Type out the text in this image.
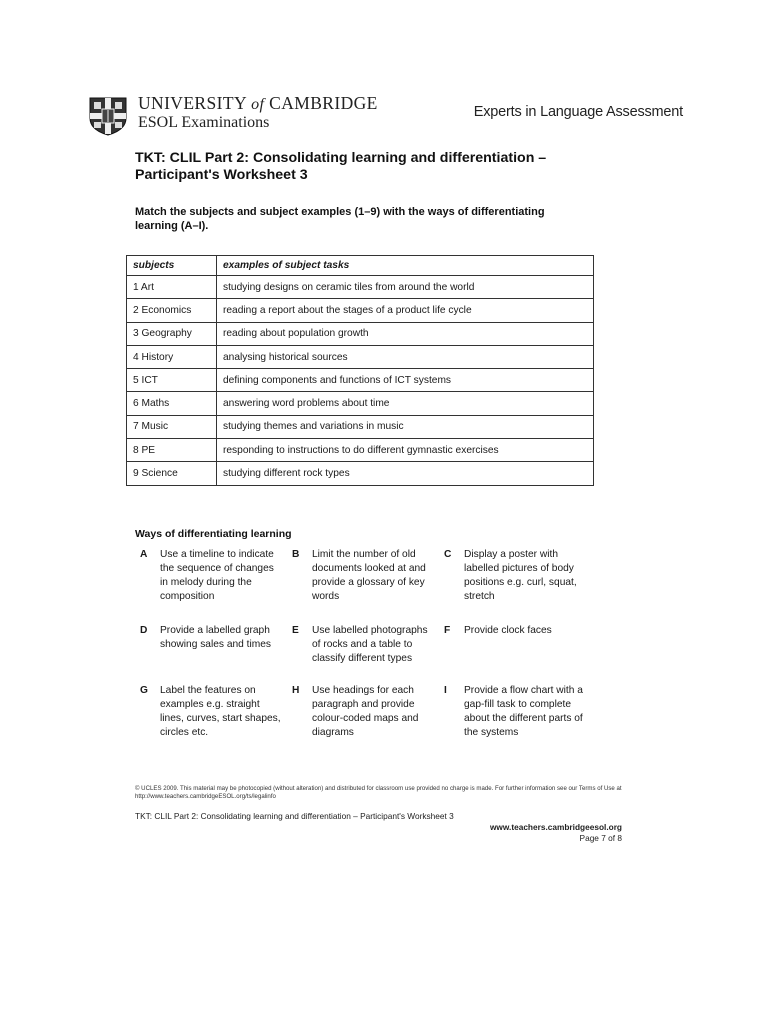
UNIVERSITY of CAMBRIDGE
ESOL Examinations
Experts in Language Assessment
TKT: CLIL Part 2: Consolidating learning and differentiation –
Participant's Worksheet 3
Match the subjects and subject examples (1–9) with the ways of differentiating
learning (A–I).
subjects	examples of subject tasks
1 Art	studying designs on ceramic tiles from around the world
2 Economics	reading a report about the stages of a product life cycle
3 Geography	reading about population growth
4 History	analysing historical sources
5 ICT	defining components and functions of ICT systems
6 Maths	answering word problems about time
7 Music	studying themes and variations in music
8 PE	responding to instructions to do different gymnastic exercises
9 Science	studying different rock types
Ways of differentiating learning
A	Use a timeline to indicate the sequence of changes in melody during the composition
B	Limit the number of old documents looked at and provide a glossary of key words
C	Display a poster with labelled pictures of body positions e.g. curl, squat, stretch
D	Provide a labelled graph showing sales and times
E	Use labelled photographs of rocks and a table to classify different types
F	Provide clock faces
G	Label the features on examples e.g. straight lines, curves, start shapes, circles etc.
H	Use headings for each paragraph and provide colour-coded maps and diagrams
I	Provide a flow chart with a gap-fill task to complete about the different parts of the systems
© UCLES 2009. This material may be photocopied (without alteration) and distributed for classroom use provided no charge is made. For further information see our Terms of Use at http://www.teachers.cambridgeESOL.org/ts/legalinfo
TKT: CLIL Part 2: Consolidating learning and differentiation – Participant's Worksheet 3
www.teachers.cambridgeesol.org
Page 7 of 8
